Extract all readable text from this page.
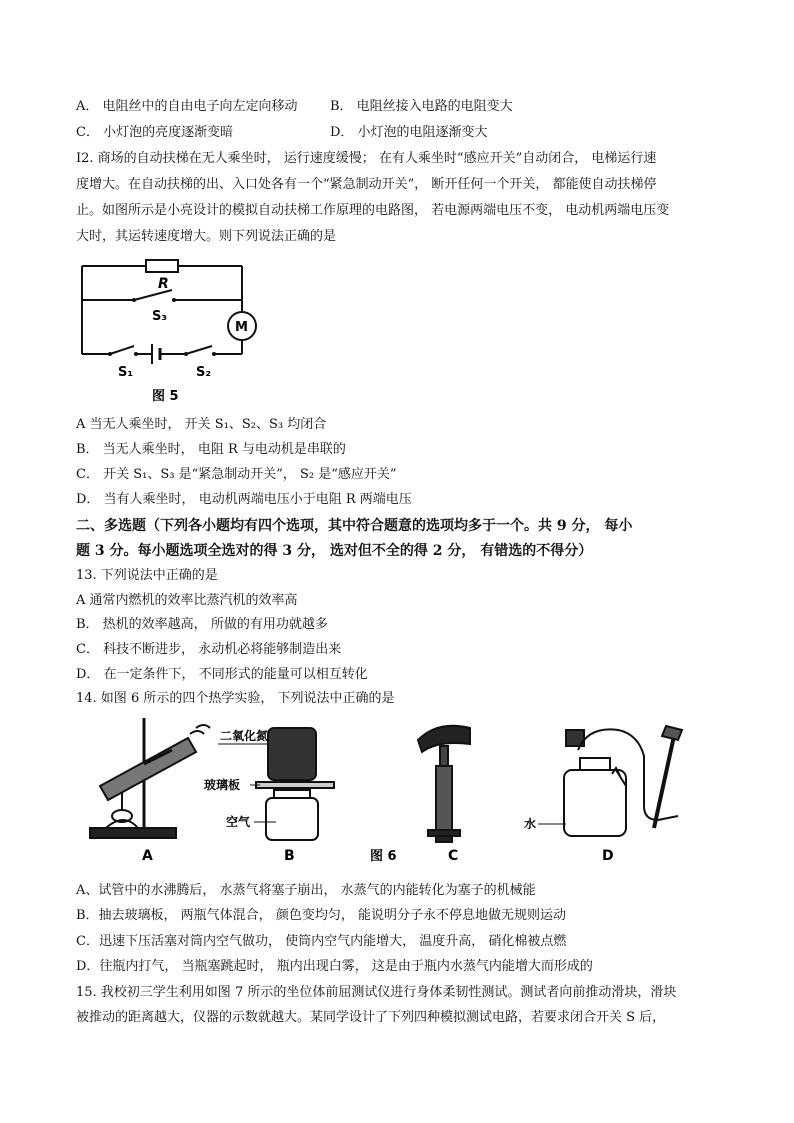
A． 电阻丝中的自由电子向左定向移动 B． 电阻丝接入电路的电阻变大
C． 小灯泡的亮度逐渐变暗	D． 小灯泡的电阻逐渐变大
I2. 商场的自动扶梯在无人乘坐时， 运行速度缓慢； 在有人乘坐时“感应开关”自动闭合， 电梯运行速
度增大。在自动扶梯的出、入口处各有一个“紧急制动开关”， 断开任何一个开关， 都能使自动扶梯停
止。如图所示是小亮设计的模拟自动扶梯工作原理的电路图， 若电源两端电压不变， 电动机两端电压变
大时，其运转速度增大。则下列说法正确的是
R
S₃
M
S₁	S₂
图 5
A 当无人乘坐时， 开关 S₁、S₂、S₃ 均闭合
B． 当无人乘坐时， 电阻 R 与电动机是串联的
C． 开关 S₁、S₃ 是“紧急制动开关”， S₂ 是“感应开关”
D． 当有人乘坐时， 电动机两端电压小于电阻 R 两端电压
二、多选题（下列各小题均有四个选项，其中符合题意的选项均多于一个。共 9 分， 每小
题 3 分。每小题选项全选对的得 3 分， 选对但不全的得 2 分， 有错选的不得分）
13. 下列说法中正确的是
A 通常内燃机的效率比蒸汽机的效率高
B． 热机的效率越高， 所做的有用功就越多
C． 科技不断进步， 永动机必将能够制造出来
D． 在一定条件下， 不同形式的能量可以相互转化
14. 如图 6 所示的四个热学实验， 下列说法中正确的是
A
二氧化氮
玻璃板
空气
B	图 6	C
水
D
A、试管中的水沸腾后， 水蒸气将塞子崩出， 水蒸气的内能转化为塞子的机械能
B．抽去玻璃板， 两瓶气体混合， 颜色变均匀， 能说明分子永不停息地做无规则运动
C．迅速下压活塞对筒内空气做功， 使筒内空气内能增大， 温度升高， 硝化棉被点燃
D．往瓶内打气， 当瓶塞跳起时， 瓶内出现白雾， 这是由于瓶内水蒸气内能增大而形成的
15. 我校初三学生利用如图 7 所示的坐位体前屈测试仪进行身体柔韧性测试。测试者向前推动滑块，滑块
被推动的距离越大，仪器的示数就越大。某同学设计了下列四种模拟测试电路，若要求闭合开关 S 后，
